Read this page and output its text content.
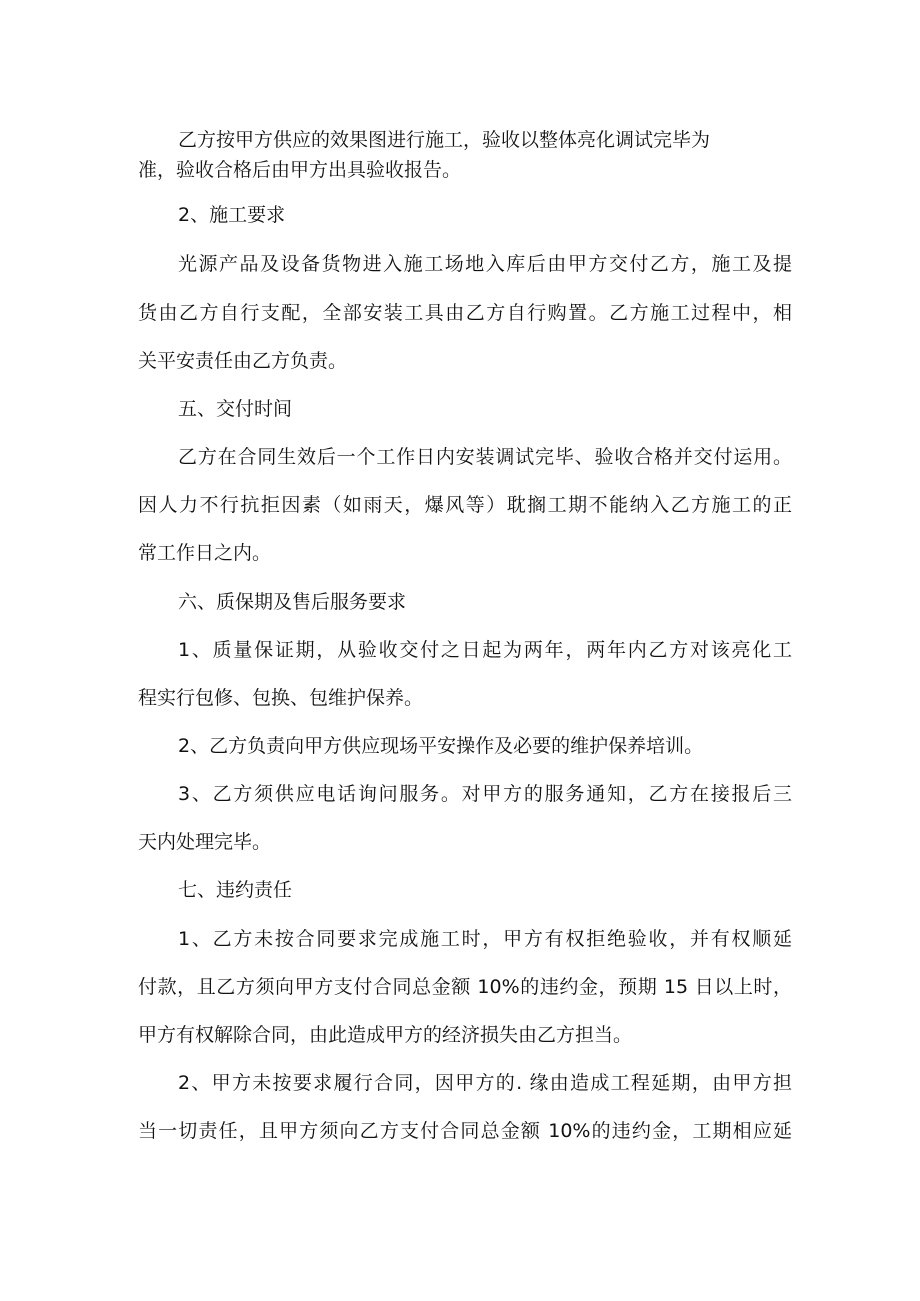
乙方按甲方供应的效果图进行施工，验收以整体亮化调试完毕为
准，验收合格后由甲方出具验收报告。
2、施工要求
光源产品及设备货物进入施工场地入库后由甲方交付乙方，施工及提
货由乙方自行支配，全部安装工具由乙方自行购置。乙方施工过程中，相
关平安责任由乙方负责。
五、交付时间
乙方在合同生效后一个工作日内安装调试完毕、验收合格并交付运用。
因人力不行抗拒因素（如雨天，爆风等）耽搁工期不能纳入乙方施工的正
常工作日之内。
六、质保期及售后服务要求
1、质量保证期，从验收交付之日起为两年，两年内乙方对该亮化工
程实行包修、包换、包维护保养。
2、乙方负责向甲方供应现场平安操作及必要的维护保养培训。
3、乙方须供应电话询问服务。对甲方的服务通知，乙方在接报后三
天内处理完毕。
七、违约责任
1、乙方未按合同要求完成施工时，甲方有权拒绝验收，并有权顺延
付款，且乙方须向甲方支付合同总金额 10%的违约金，预期 15 日以上时，
甲方有权解除合同，由此造成甲方的经济损失由乙方担当。
2、甲方未按要求履行合同，因甲方的. 缘由造成工程延期，由甲方担
当一切责任，且甲方须向乙方支付合同总金额 10%的违约金，工期相应延
